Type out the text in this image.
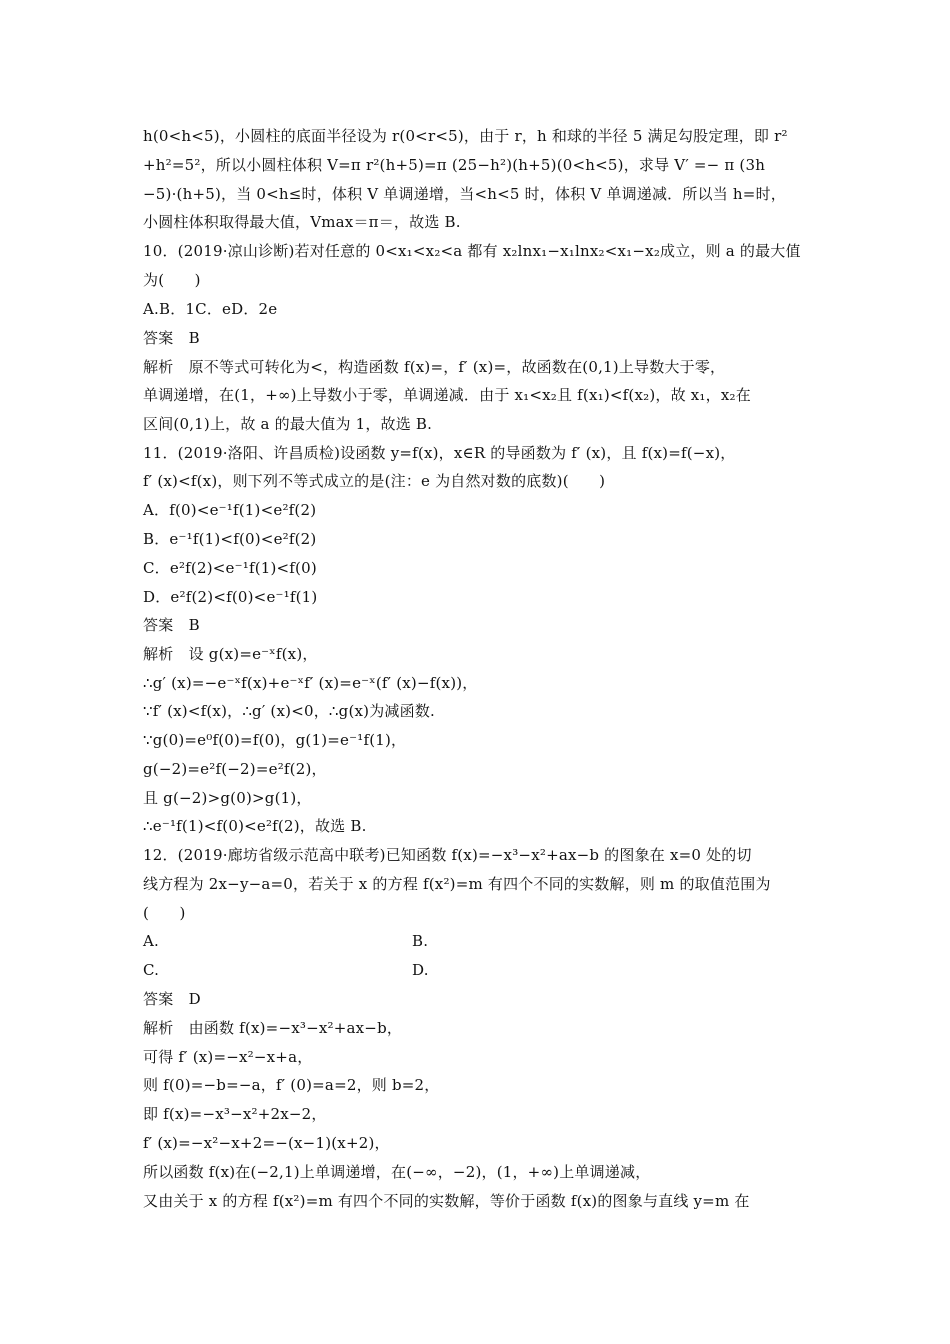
h(0<h<5)，小圆柱的底面半径设为 r(0<r<5)，由于 r，h 和球的半径 5 满足勾股定理，即 r²
+h²=5²，所以小圆柱体积 V=π r²(h+5)=π (25−h²)(h+5)(0<h<5)，求导 V′ =− π (3h
−5)·(h+5)，当 0<h≤时，体积 V 单调递增，当<h<5 时，体积 V 单调递减．所以当 h=时，
小圆柱体积取得最大值，Vmax＝π＝，故选 B.
10．(2019·凉山诊断)若对任意的 0<x₁<x₂<a 都有 x₂lnx₁−x₁lnx₂<x₁−x₂成立，则 a 的最大值
为(　　)
A.B．1C．eD．2e
答案　B
解析　原不等式可转化为<，构造函数 f(x)=，f′ (x)=，故函数在(0,1)上导数大于零，
单调递增，在(1，+∞)上导数小于零，单调递减．由于 x₁<x₂且 f(x₁)<f(x₂)，故 x₁，x₂在
区间(0,1)上，故 a 的最大值为 1，故选 B.
11．(2019·洛阳、许昌质检)设函数 y=f(x)，x∈R 的导函数为 f′ (x)，且 f(x)=f(−x)，
f′ (x)<f(x)，则下列不等式成立的是(注：e 为自然对数的底数)(　　)
A．f(0)<e⁻¹f(1)<e²f(2)
B．e⁻¹f(1)<f(0)<e²f(2)
C．e²f(2)<e⁻¹f(1)<f(0)
D．e²f(2)<f(0)<e⁻¹f(1)
答案　B
解析　设 g(x)=e⁻ˣf(x)，
∴g′ (x)=−e⁻ˣf(x)+e⁻ˣf′ (x)=e⁻ˣ(f′ (x)−f(x))，
∵f′ (x)<f(x)，∴g′ (x)<0，∴g(x)为减函数.
∵g(0)=e⁰f(0)=f(0)，g(1)=e⁻¹f(1)，
g(−2)=e²f(−2)=e²f(2)，
且 g(−2)>g(0)>g(1)，
∴e⁻¹f(1)<f(0)<e²f(2)，故选 B.
12．(2019·廊坊省级示范高中联考)已知函数 f(x)=−x³−x²+ax−b 的图象在 x=0 处的切
线方程为 2x−y−a=0，若关于 x 的方程 f(x²)=m 有四个不同的实数解，则 m 的取值范围为
(　　)
A.	B.
C.	D.
答案　D
解析　由函数 f(x)=−x³−x²+ax−b，
可得 f′ (x)=−x²−x+a，
则 f(0)=−b=−a，f′ (0)=a=2，则 b=2，
即 f(x)=−x³−x²+2x−2，
f′ (x)=−x²−x+2=−(x−1)(x+2)，
所以函数 f(x)在(−2,1)上单调递增，在(−∞，−2)，(1，+∞)上单调递减，
又由关于 x 的方程 f(x²)=m 有四个不同的实数解，等价于函数 f(x)的图象与直线 y=m 在
